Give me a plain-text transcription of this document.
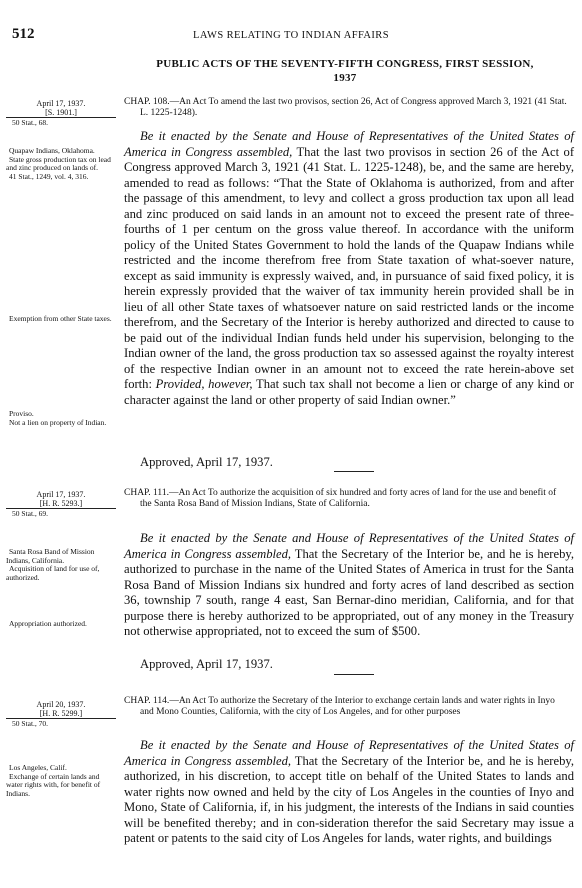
512	LAWS RELATING TO INDIAN AFFAIRS
PUBLIC ACTS OF THE SEVENTY-FIFTH CONGRESS, FIRST SESSION,
1937
April 17, 1937.
[S. 1901.]
50 Stat., 68.
Quapaw Indians, Oklahoma.
State gross production tax on lead and zinc produced on lands of.
41 Stat., 1249, vol. 4, 316.
Exemption from other State taxes.
Proviso.
Not a lien on property of Indian.

CHAP. 108.—An Act To amend the last two provisos, section 26, Act of Congress approved March 3, 1921 (41 Stat. L. 1225-1248).

Be it enacted by the Senate and House of Representatives of the United States of America in Congress assembled, That the last two provisos in section 26 of the Act of Congress approved March 3, 1921 (41 Stat. L. 1225-1248), be, and the same are hereby, amended to read as follows: “That the State of Oklahoma is authorized, from and after the passage of this amendment, to levy and collect a gross production tax upon all lead and zinc produced on said lands in an amount not to exceed the present rate of three-fourths of 1 per centum on the gross value thereof. In accordance with the uniform policy of the United States Government to hold the lands of the Quapaw Indians while restricted and the income therefrom free from State taxation of what-soever nature, except as said immunity is expressly waived, and, in pursuance of said fixed policy, it is herein expressly provided that the waiver of tax immunity herein provided shall be in lieu of all other State taxes of whatsoever nature on said restricted lands or the income therefrom, and the Secretary of the Interior is hereby authorized and directed to cause to be paid out of the individual Indian funds held under his supervision, belonging to the Indian owner of the land, the gross production tax so assessed against the royalty interest of the respective Indian owner in an amount not to exceed the rate herein-above set forth: Provided, however, That such tax shall not become a lien or charge of any kind or character against the land or other property of said Indian owner.”

Approved, April 17, 1937.
April 17, 1937.
[H. R. 5293.]
50 Stat., 69.
Santa Rosa Band of Mission Indians, California.
Acquisition of land for use of, authorized.
Appropriation authorized.

CHAP. 111.—An Act To authorize the acquisition of six hundred and forty acres of land for the use and benefit of the Santa Rosa Band of Mission Indians, State of California.

Be it enacted by the Senate and House of Representatives of the United States of America in Congress assembled, That the Secretary of the Interior be, and he is hereby, authorized to purchase in the name of the United States of America in trust for the Santa Rosa Band of Mission Indians six hundred and forty acres of land described as section 36, township 7 south, range 4 east, San Bernar-dino meridian, California, and for that purpose there is hereby authorized to be appropriated, out of any money in the Treasury not otherwise appropriated, not to exceed the sum of $500.

Approved, April 17, 1937.
April 20, 1937.
[H. R. 5299.]
50 Stat., 70.
Los Angeles, Calif.
Exchange of certain lands and water rights with, for benefit of Indians.

CHAP. 114.—An Act To authorize the Secretary of the Interior to exchange certain lands and water rights in Inyo and Mono Counties, California, with the city of Los Angeles, and for other purposes

Be it enacted by the Senate and House of Representatives of the United States of America in Congress assembled, That the Secretary of the Interior be, and he is hereby, authorized, in his discretion, to accept title on behalf of the United States to lands and water rights now owned and held by the city of Los Angeles in the counties of Inyo and Mono, State of California, if, in his judgment, the interests of the Indians in said counties will be benefited thereby; and in con-sideration therefor the said Secretary may issue a patent or patents to the said city of Los Angeles for lands, water rights, and buildings
